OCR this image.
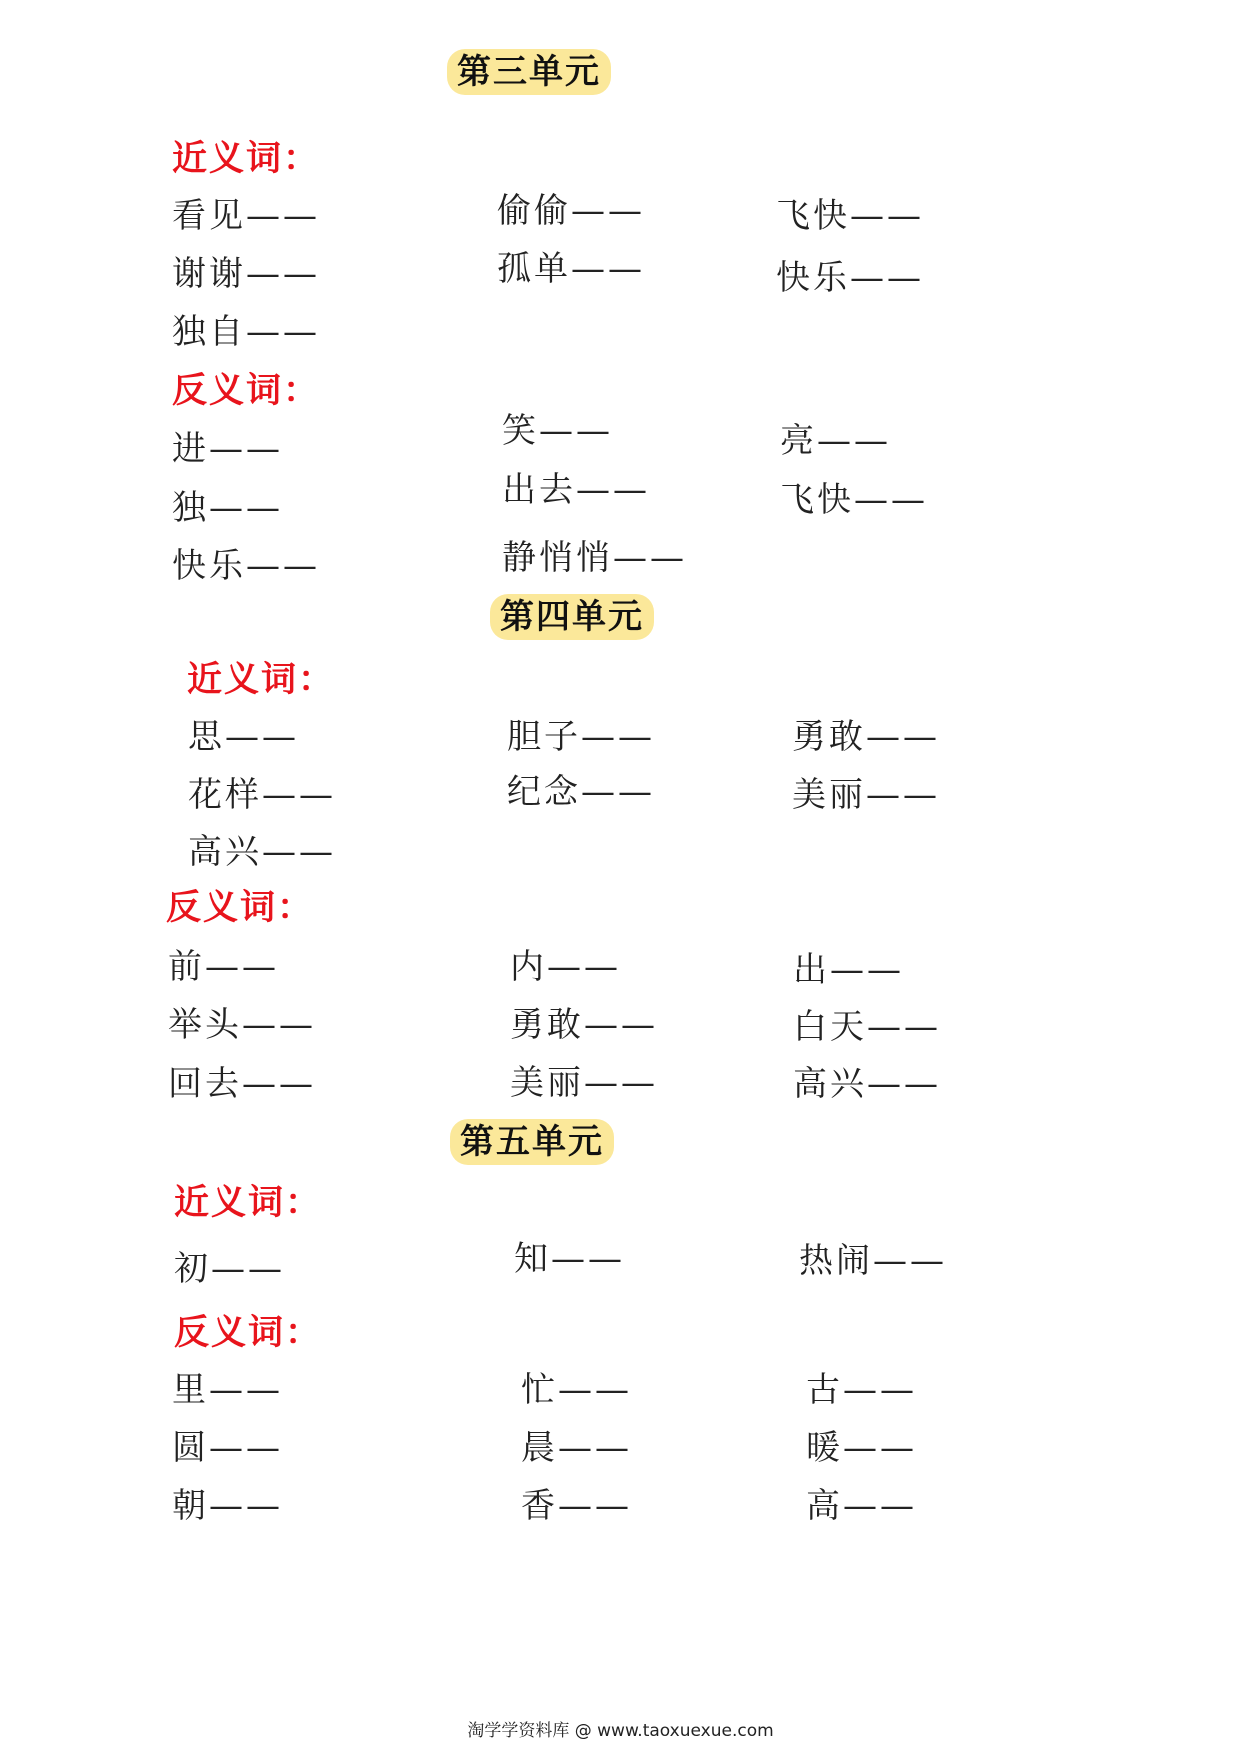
第三单元
近义词：
看见——	偷偷——	飞快——
谢谢——	孤单——	快乐——
独自——
反义词：
进——	笑——	亮——
独——	出去——	飞快——
快乐——	静悄悄——
第四单元
近义词：
思——	胆子——	勇敢——
花样——	纪念——	美丽——
高兴——
反义词：
前——	内——	出——
举头——	勇敢——	白天——
回去——	美丽——	高兴——
第五单元
近义词：
初——	知——	热闹——
反义词：
里——	忙——	古——
圆——	晨——	暖——
朝——	香——	高——
淘学学资料库 @ www.taoxuexue.com
